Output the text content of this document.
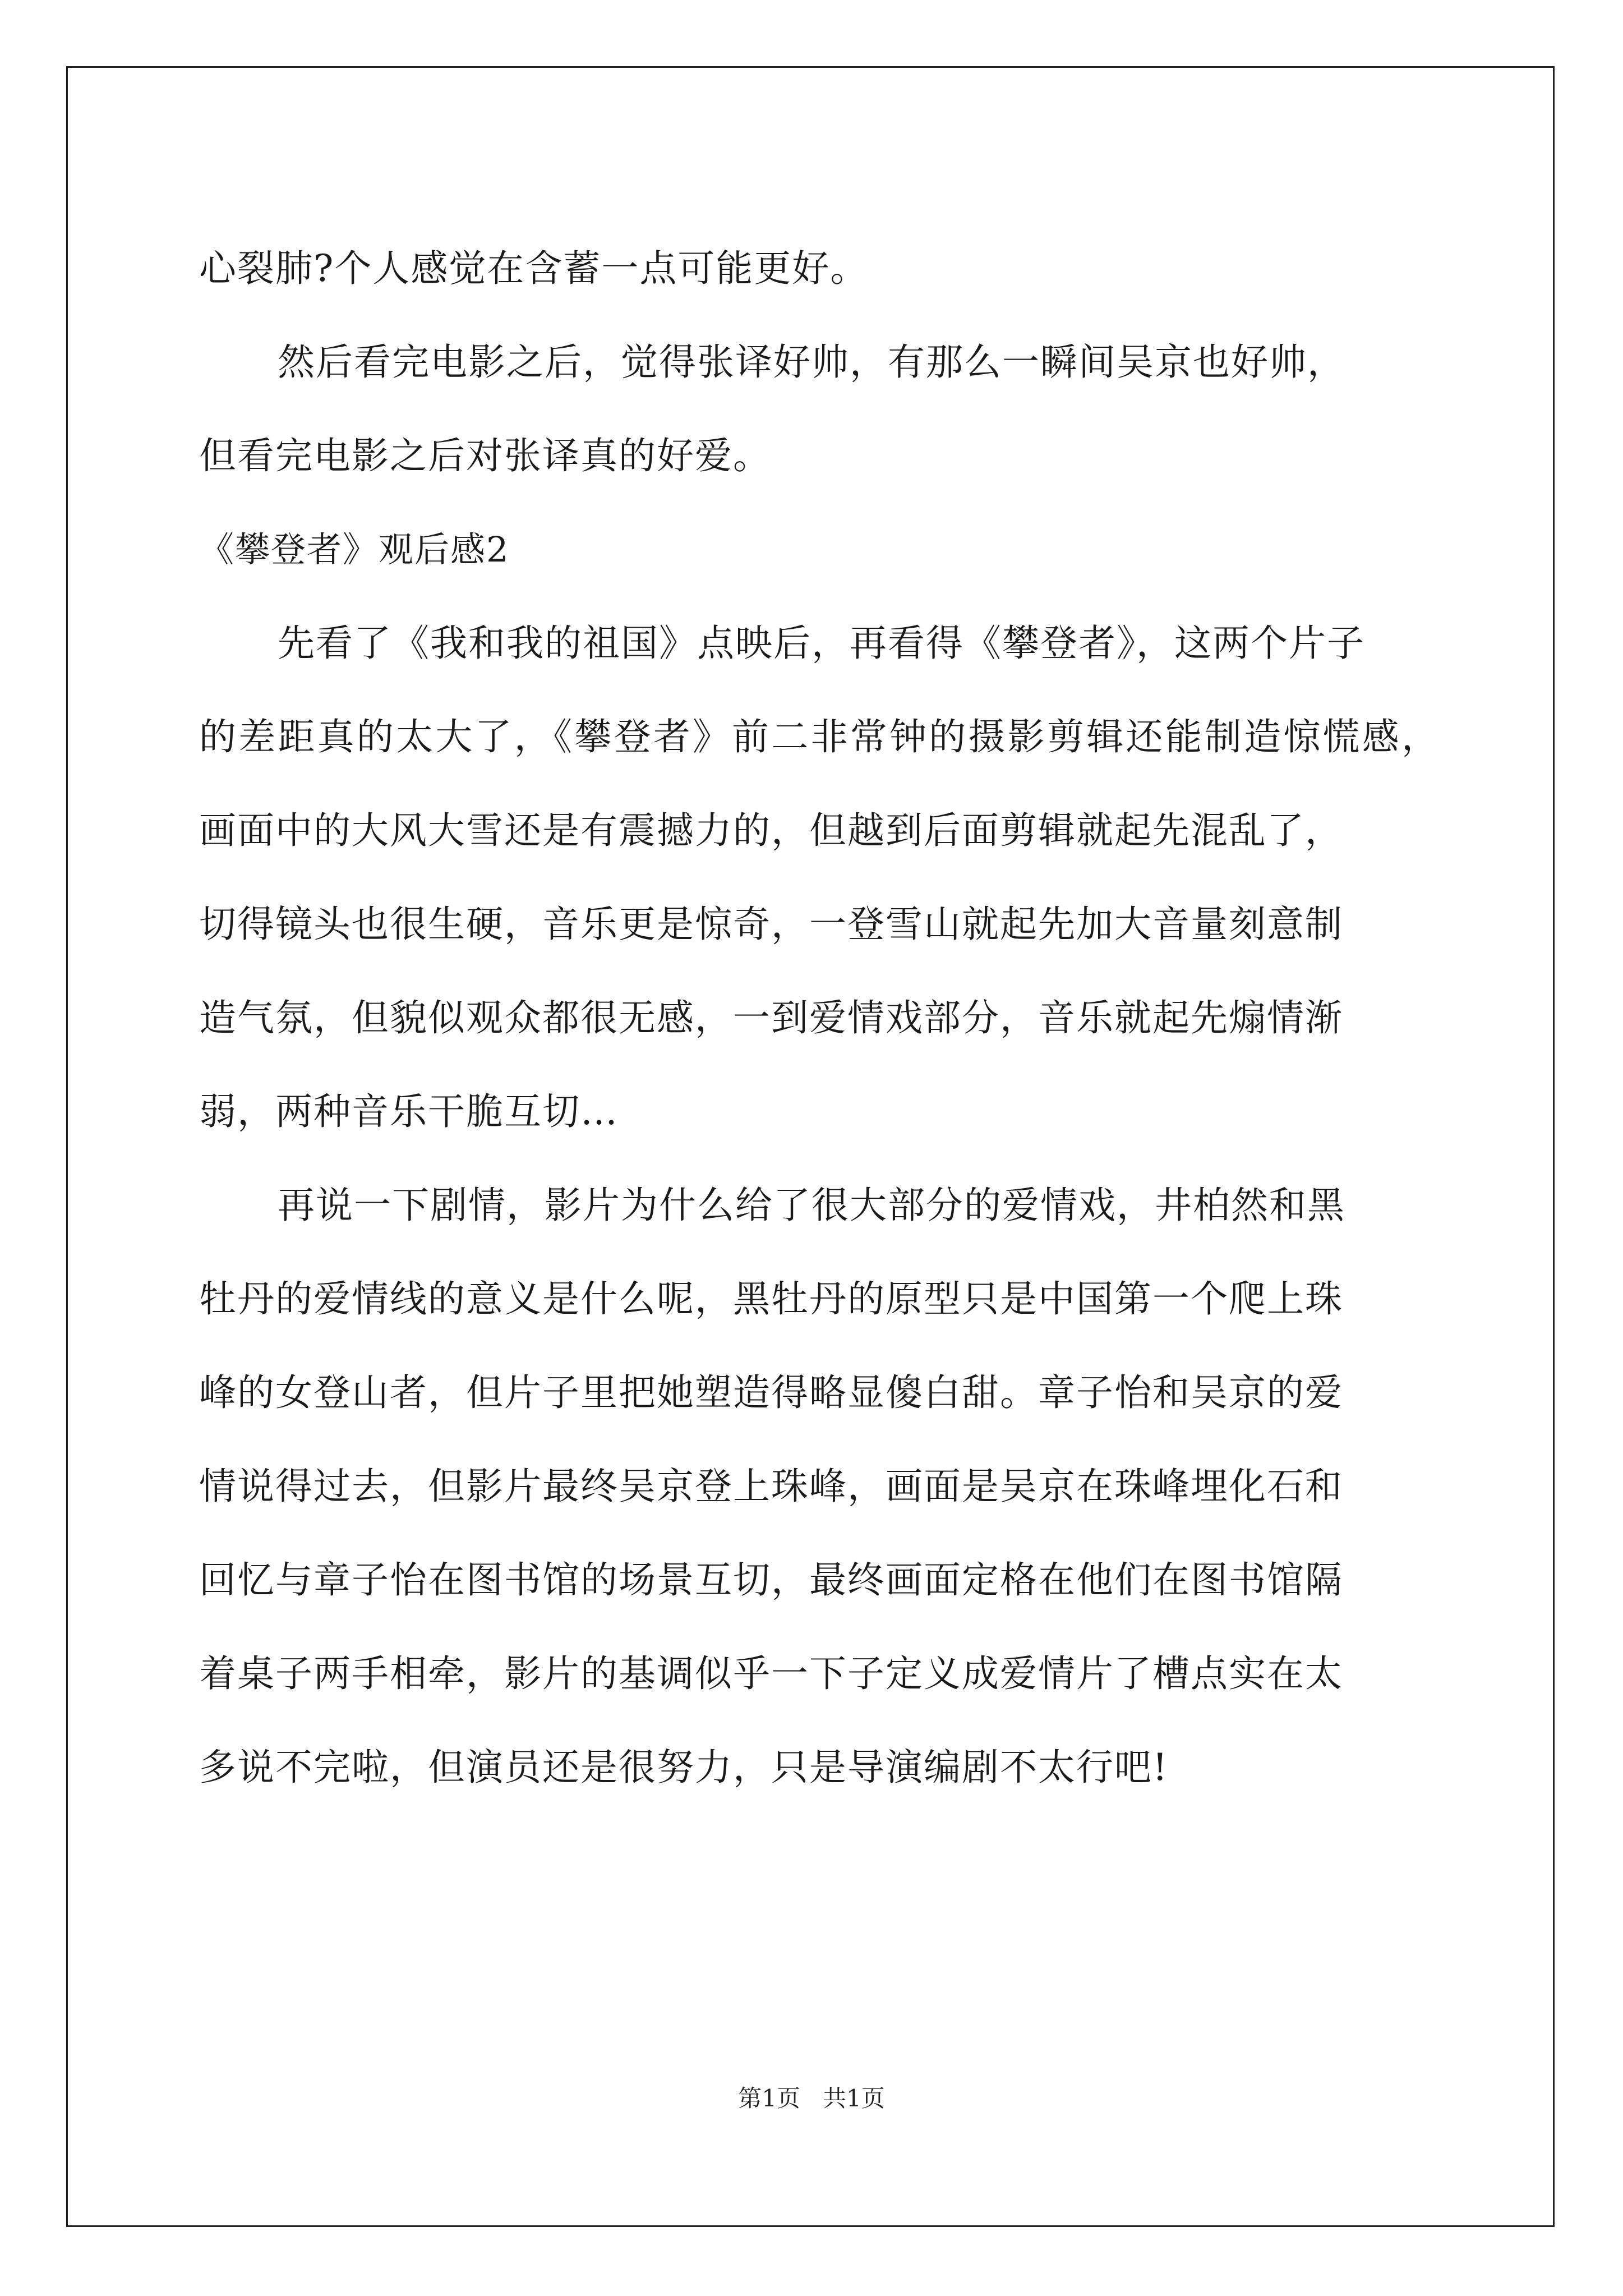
心裂肺?个人感觉在含蓄一点可能更好。
然后看完电影之后，觉得张译好帅，有那么一瞬间吴京也好帅，
但看完电影之后对张译真的好爱。
《攀登者》观后感2
先看了《我和我的祖国》点映后，再看得《攀登者》，这两个片子
的差距真的太大了，《攀登者》前二非常钟的摄影剪辑还能制造惊慌感，
画面中的大风大雪还是有震撼力的，但越到后面剪辑就起先混乱了，
切得镜头也很生硬，音乐更是惊奇，一登雪山就起先加大音量刻意制
造气氛，但貌似观众都很无感，一到爱情戏部分，音乐就起先煽情渐
弱，两种音乐干脆互切…
再说一下剧情，影片为什么给了很大部分的爱情戏，井柏然和黑
牡丹的爱情线的意义是什么呢，黑牡丹的原型只是中国第一个爬上珠
峰的女登山者，但片子里把她塑造得略显傻白甜。章子怡和吴京的爱
情说得过去，但影片最终吴京登上珠峰，画面是吴京在珠峰埋化石和
回忆与章子怡在图书馆的场景互切，最终画面定格在他们在图书馆隔
着桌子两手相牵，影片的基调似乎一下子定义成爱情片了槽点实在太
多说不完啦，但演员还是很努力，只是导演编剧不太行吧!
第1页 共1页
